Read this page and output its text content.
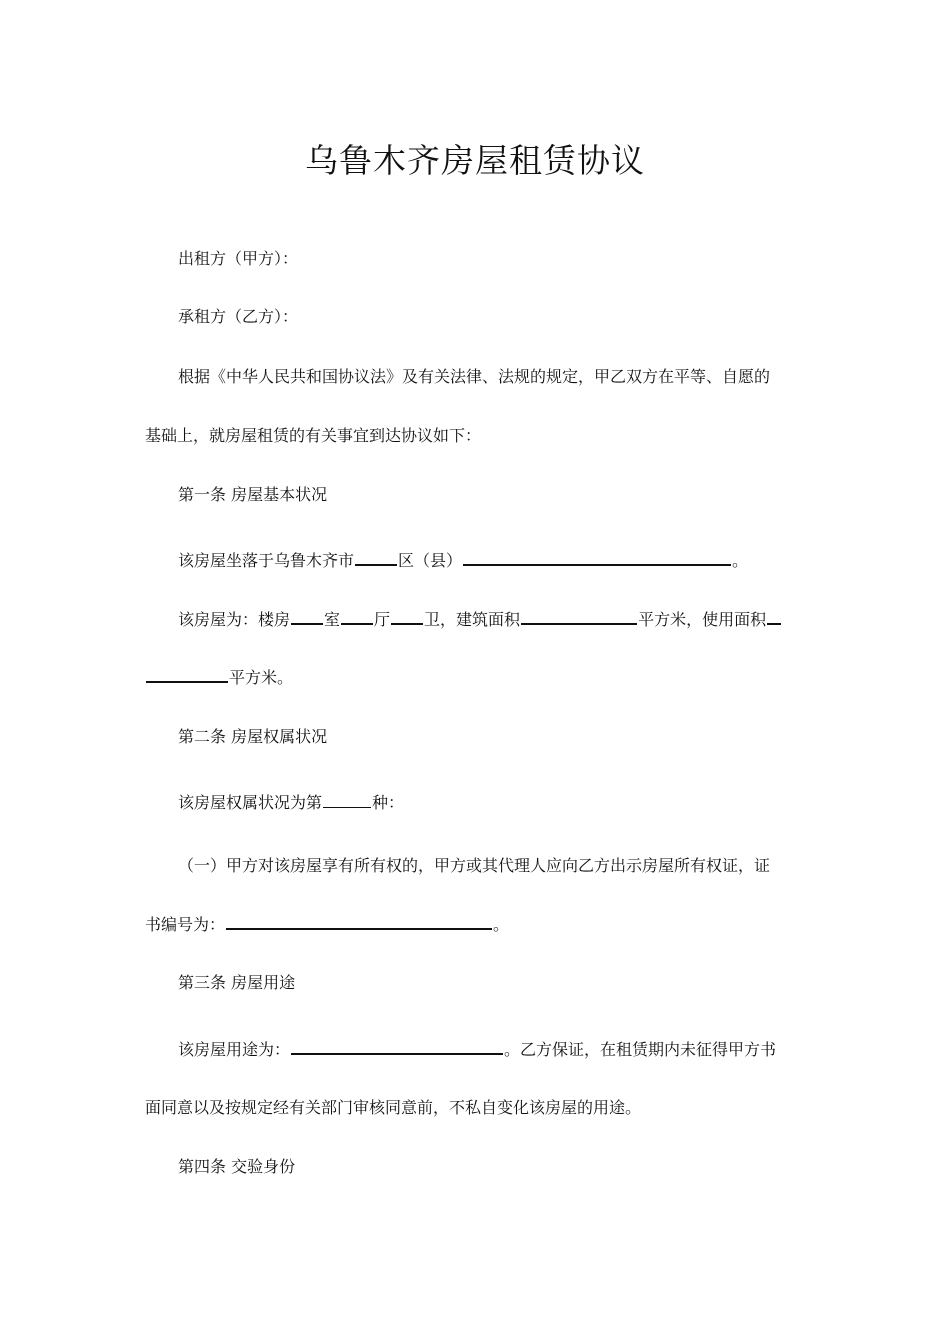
乌鲁木齐房屋租赁协议
出租方（甲方）：
承租方（乙方）：
根据《中华人民共和国协议法》及有关法律、法规的规定，甲乙双方在平等、自愿的
基础上，就房屋租赁的有关事宜到达协议如下：
第一条 房屋基本状况
该房屋坐落于乌鲁木齐市	区（县）	。
该房屋为：楼房 室 厅 卫，建筑面积	平方米，使用面积
平方米。
第二条 房屋权属状况
该房屋权属状况为第	种：
（一）甲方对该房屋享有所有权的，甲方或其代理人应向乙方出示房屋所有权证，证
书编号为：	。
第三条 房屋用途
该房屋用途为：	。乙方保证，在租赁期内未征得甲方书
面同意以及按规定经有关部门审核同意前，不私自变化该房屋的用途。
第四条 交验身份
